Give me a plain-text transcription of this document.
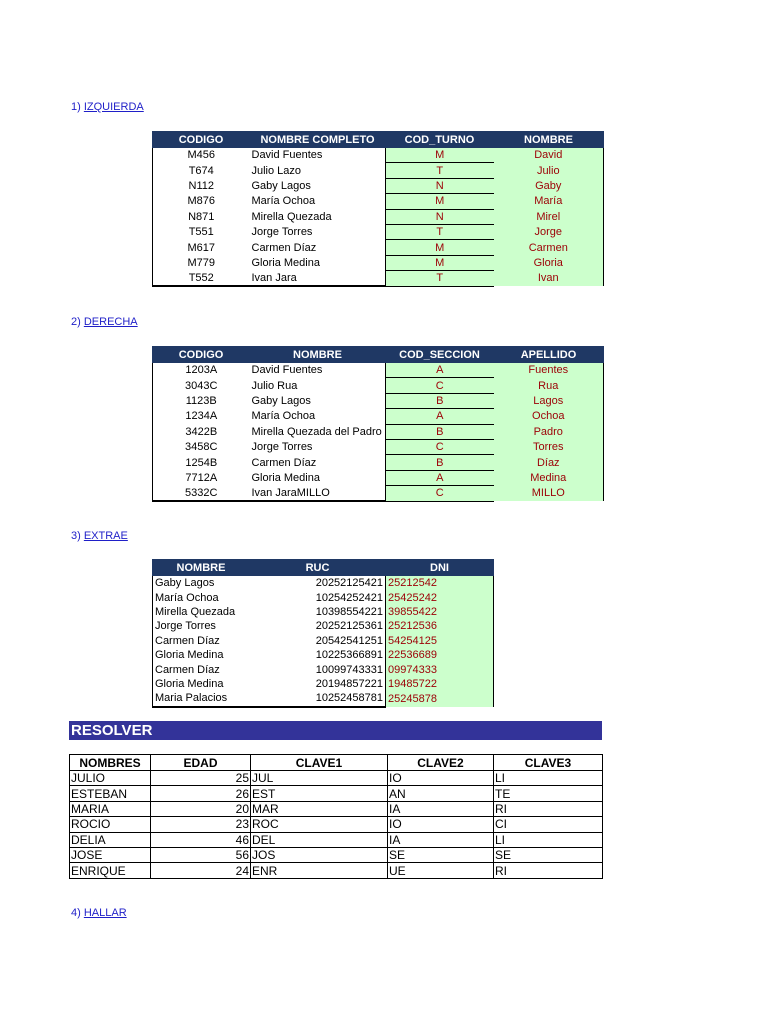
1) IZQUIERDA
2) DERECHA
3) EXTRAE
4) HALLAR
CODIGO	NOMBRE COMPLETO	COD_TURNO	NOMBRE
M456	David Fuentes	M	David
T674	Julio Lazo	T	Julio
N112	Gaby Lagos	N	Gaby
M876	María Ochoa	M	María
N871	Mirella Quezada	N	Mirel
T551	Jorge Torres	T	Jorge
M617	Carmen Díaz	M	Carmen
M779	Gloria Medina	M	Gloria
T552	Ivan Jara	T	Ivan
CODIGO	NOMBRE	COD_SECCION	APELLIDO
1203A	David Fuentes	A	Fuentes
3043C	Julio Rua	C	Rua
1123B	Gaby Lagos	B	Lagos
1234A	María Ochoa	A	Ochoa
3422B	Mirella Quezada del Padro	B	Padro
3458C	Jorge Torres	C	Torres
1254B	Carmen Díaz	B	Díaz
7712A	Gloria Medina	A	Medina
5332C	Ivan JaraMILLO	C	MILLO
NOMBRE	RUC	DNI
Gaby Lagos	20252125421	25212542
María Ochoa	10254252421	25425242
Mirella Quezada	10398554221	39855422
Jorge Torres	20252125361	25212536
Carmen Díaz	20542541251	54254125
Gloria Medina	10225366891	22536689
Carmen Díaz	10099743331	09974333
Gloria Medina	20194857221	19485722
Maria Palacios	10252458781	25245878
RESOLVER
NOMBRES	EDAD	CLAVE1	CLAVE2	CLAVE3
JULIO	25	JUL	IO	LI
ESTEBAN	26	EST	AN	TE
MARIA	20	MAR	IA	RI
ROCIO	23	ROC	IO	CI
DELIA	46	DEL	IA	LI
JOSE	56	JOS	SE	SE
ENRIQUE	24	ENR	UE	RI
